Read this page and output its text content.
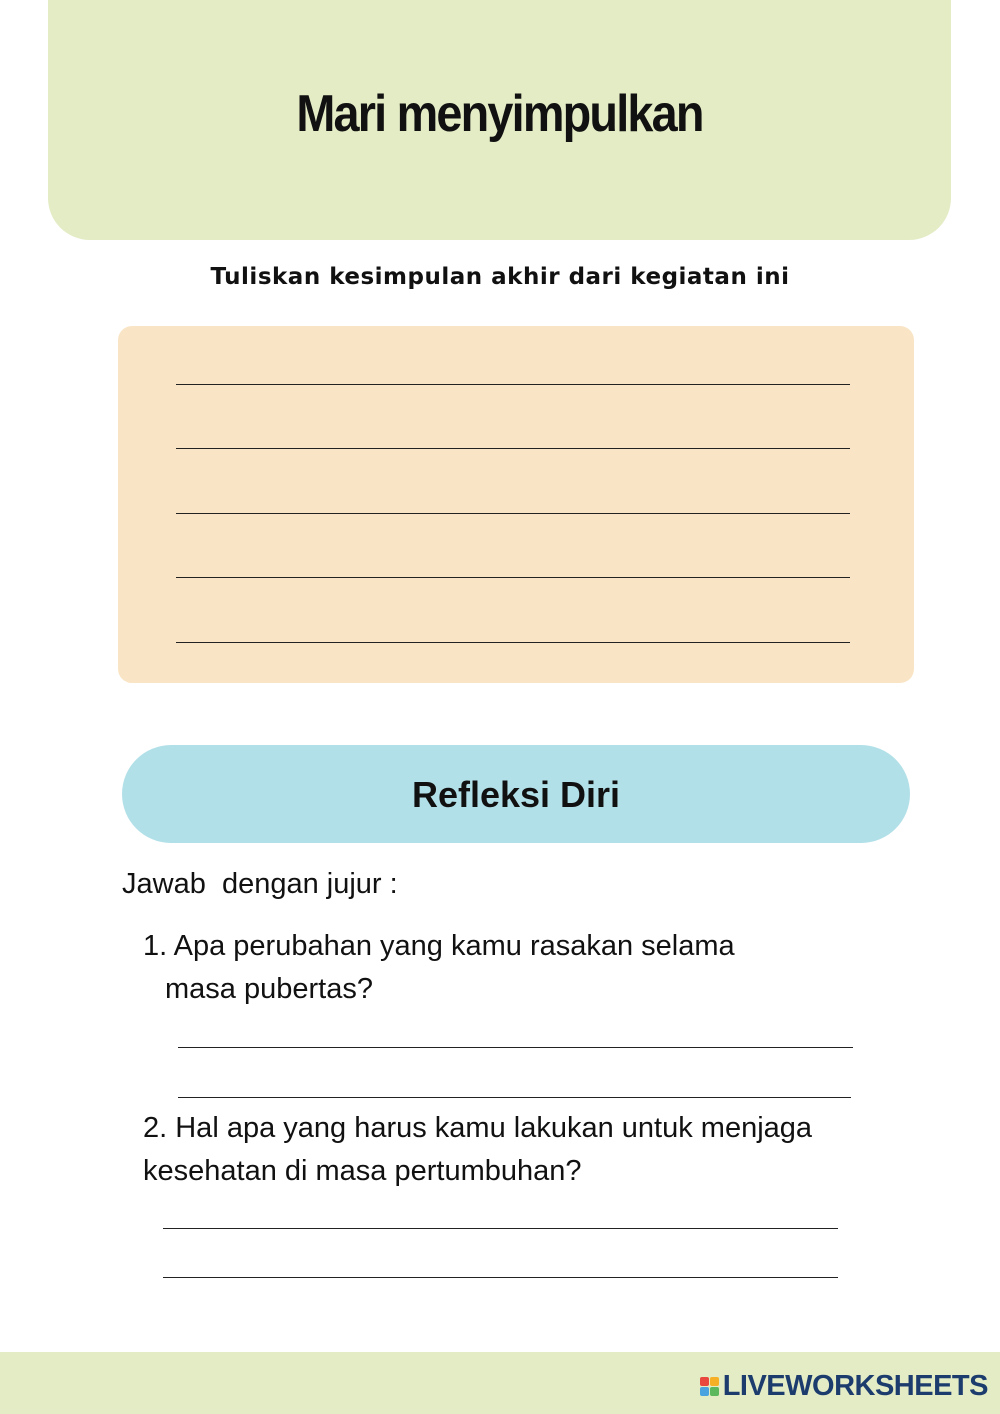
Mari menyimpulkan
Tuliskan kesimpulan akhir dari kegiatan ini
Refleksi Diri
Jawab  dengan jujur :
1. Apa perubahan yang kamu rasakan selama
masa pubertas?
2. Hal apa yang harus kamu lakukan untuk menjaga
kesehatan di masa pertumbuhan?
LIVEWORKSHEETS
